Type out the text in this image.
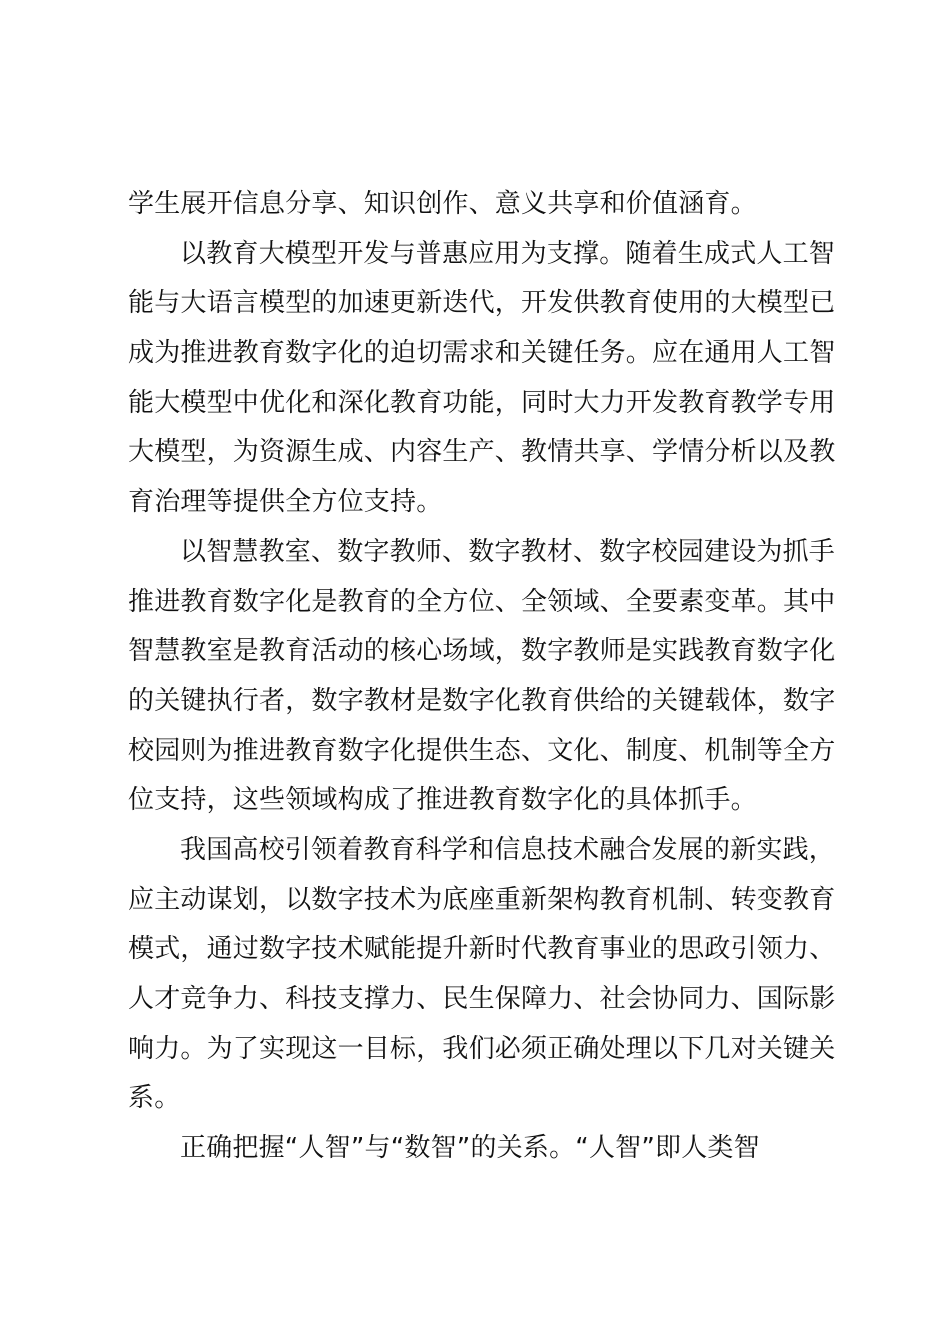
学生展开信息分享、知识创作、意义共享和价值涵育。
以教育大模型开发与普惠应用为支撑。随着生成式人工智
能与大语言模型的加速更新迭代，开发供教育使用的大模型已
成为推进教育数字化的迫切需求和关键任务。应在通用人工智
能大模型中优化和深化教育功能，同时大力开发教育教学专用
大模型，为资源生成、内容生产、教情共享、学情分析以及教
育治理等提供全方位支持。
以智慧教室、数字教师、数字教材、数字校园建设为抓手
推进教育数字化是教育的全方位、全领域、全要素变革。其中
智慧教室是教育活动的核心场域，数字教师是实践教育数字化
的关键执行者，数字教材是数字化教育供给的关键载体，数字
校园则为推进教育数字化提供生态、文化、制度、机制等全方
位支持，这些领域构成了推进教育数字化的具体抓手。
我国高校引领着教育科学和信息技术融合发展的新实践，
应主动谋划，以数字技术为底座重新架构教育机制、转变教育
模式，通过数字技术赋能提升新时代教育事业的思政引领力、
人才竞争力、科技支撑力、民生保障力、社会协同力、国际影
响力。为了实现这一目标，我们必须正确处理以下几对关键关
系。
正确把握“人智”与“数智”的关系。“人智”即人类智
